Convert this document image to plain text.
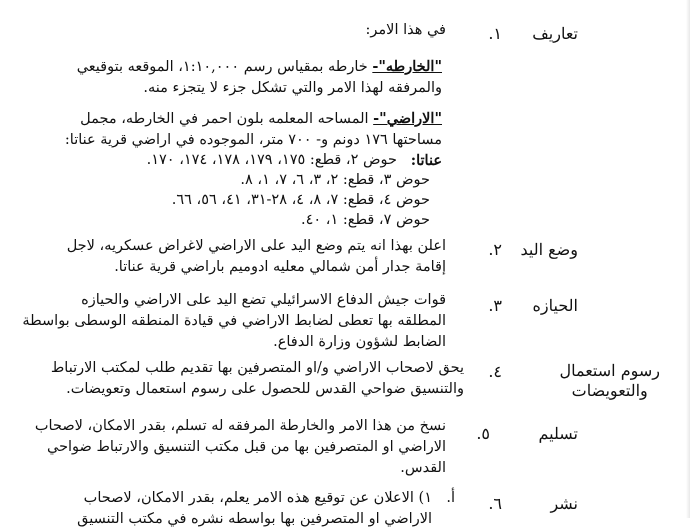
تعاريف
١.
في هذا الامر:
"الخارطه"- خارطه بمقياس رسم ١:١٠,٠٠٠، الموقعه بتوقيعي
والمرفقه لهذا الامر والتي تشكل جزء لا يتجزء منه.
"الاراضي"- المساحه المعلمه بلون احمر في الخارطه، مجمل
مساحتها ١٧٦ دونم و- ٧٠٠ متر، الموجوده في اراضي قرية عناتا:
عناتا:
حوض ٢، قطع: ١٧٥، ١٧٩، ١٧٨، ١٧٤، ١٧٠.
حوض ٣، قطع: ٢، ٣، ٦، ٧، ١، ٨.
حوض ٤، قطع: ٧، ٨، ٤، ٢٨-٣١، ٤١، ٥٦، ٦٦.
حوض ٧، قطع: ١، ٤٠.
وضع اليد
٢.
اعلن بهذا انه يتم وضع اليد على الاراضي لاغراض عسكريه، لاجل
إقامة جدار أمن شمالي معليه ادوميم باراضي قرية عناتا.
الحيازه
٣.
قوات جيش الدفاع الاسرائيلي تضع اليد على الاراضي والحيازه
المطلقه بها تعطى لضابط الاراضي في قيادة المنطقه الوسطى بواسطة
الضابط لشؤون وزارة الدفاع.
رسوم استعمال
والتعويضات
٤.
يحق لاصحاب الاراضي و/او المتصرفين بها تقديم طلب لمكتب الارتباط
والتنسيق ضواحي القدس للحصول على رسوم استعمال وتعويضات.
تسليم
٥.
نسخ من هذا الامر والخارطة المرفقه له تسلم، بقدر الامكان، لاصحاب
الاراضي او المتصرفين بها من قبل مكتب التنسيق والارتباط ضواحي
القدس.
نشر
٦.
أ.
١) الاعلان عن توقيع هذه الامر يعلم، بقدر الامكان، لاصحاب
الاراضي او المتصرفين بها بواسطه نشره في مكتب التنسيق
